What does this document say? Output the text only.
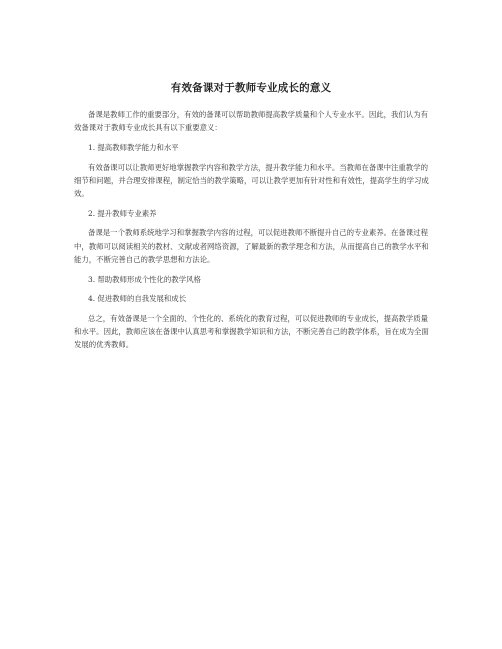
有效备课对于教师专业成长的意义

备课是教师工作的重要部分，有效的备课可以帮助教师提高教学质量和个人专业水平。因此，我们认为有效备课对于教师专业成长具有以下重要意义：

1. 提高教师教学能力和水平

有效备课可以让教师更好地掌握教学内容和教学方法，提升教学能力和水平。当教师在备课中注重教学的细节和问题，并合理安排课程，制定恰当的教学策略，可以让教学更加有针对性和有效性，提高学生的学习成效。

2. 提升教师专业素养

备课是一个教师系统地学习和掌握教学内容的过程，可以促进教师不断提升自己的专业素养。在备课过程中，教师可以阅读相关的教材、文献或者网络资源，了解最新的教学理念和方法，从而提高自己的教学水平和能力，不断完善自己的教学思想和方法论。

3. 帮助教师形成个性化的教学风格

4. 促进教师的自我发展和成长

总之，有效备课是一个全面的、个性化的、系统化的教育过程，可以促进教师的专业成长，提高教学质量和水平。因此，教师应该在备课中认真思考和掌握教学知识和方法，不断完善自己的教学体系，旨在成为全面发展的优秀教师。
